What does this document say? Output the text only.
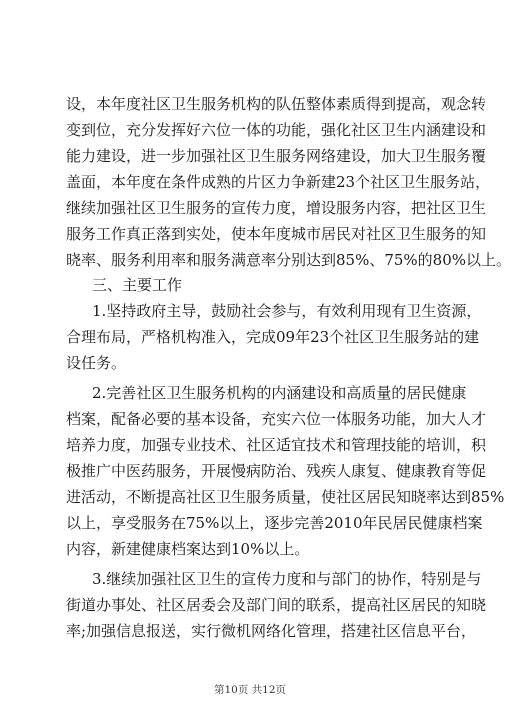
设，本年度社区卫生服务机构的队伍整体素质得到提高，观念转
变到位，充分发挥好六位一体的功能，强化社区卫生内涵建设和
能力建设，进一步加强社区卫生服务网络建设，加大卫生服务覆
盖面，本年度在条件成熟的片区力争新建23个社区卫生服务站，
继续加强社区卫生服务的宣传力度，增设服务内容，把社区卫生
服务工作真正落到实处，使本年度城市居民对社区卫生服务的知
晓率、服务利用率和服务满意率分别达到85%、75%的80%以上。
三、主要工作
1.坚持政府主导，鼓励社会参与，有效利用现有卫生资源，
合理布局，严格机构准入，完成09年23个社区卫生服务站的建
设任务。
2.完善社区卫生服务机构的内涵建设和高质量的居民健康
档案，配备必要的基本设备，充实六位一体服务功能，加大人才
培养力度，加强专业技术、社区适宜技术和管理技能的培训，积
极推广中医药服务，开展慢病防治、残疾人康复、健康教育等促
进活动，不断提高社区卫生服务质量，使社区居民知晓率达到85%
以上，享受服务在75%以上，逐步完善2010年民居民健康档案
内容，新建健康档案达到10%以上。
3.继续加强社区卫生的宣传力度和与部门的协作，特别是与
街道办事处、社区居委会及部门间的联系，提高社区居民的知晓
率;加强信息报送，实行微机网络化管理，搭建社区信息平台，
第10页 共12页
